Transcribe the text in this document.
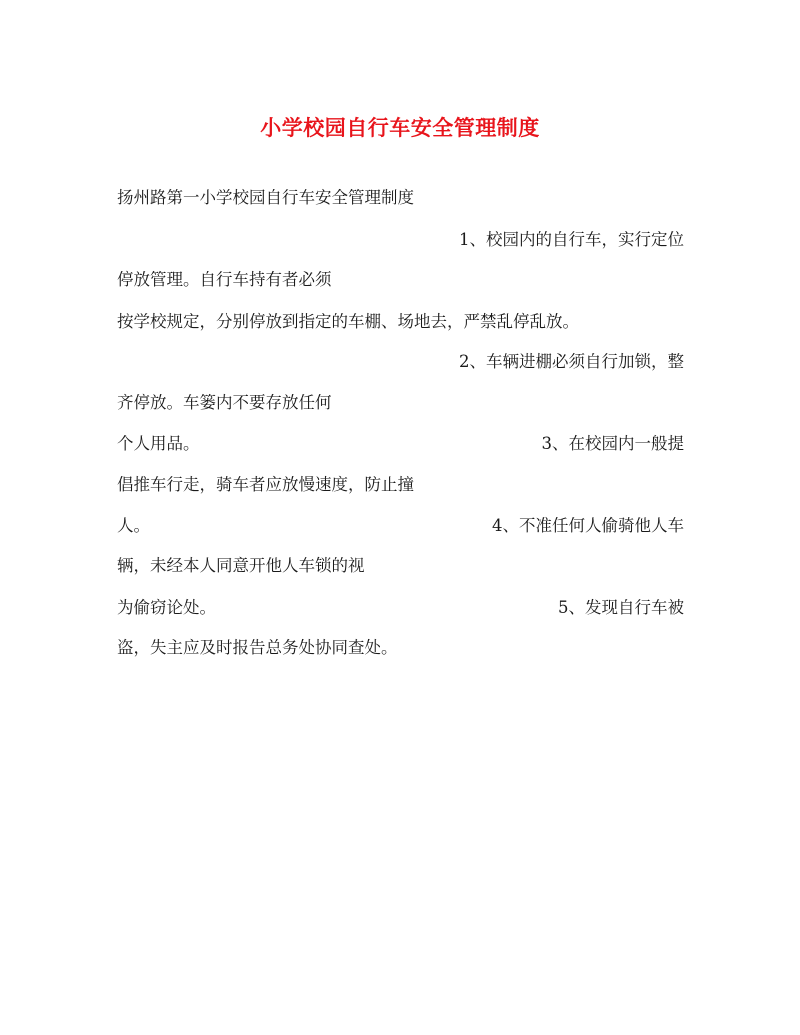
小学校园自行车安全管理制度
扬州路第一小学校园自行车安全管理制度
1、校园内的自行车，实行定位
停放管理。自行车持有者必须
按学校规定，分别停放到指定的车棚、场地去，严禁乱停乱放。
2、车辆进棚必须自行加锁，整
齐停放。车篓内不要存放任何
个人用品。	3、在校园内一般提
倡推车行走，骑车者应放慢速度，防止撞
人。	4、不准任何人偷骑他人车
辆，未经本人同意开他人车锁的视
为偷窃论处。	5、发现自行车被
盗，失主应及时报告总务处协同查处。
